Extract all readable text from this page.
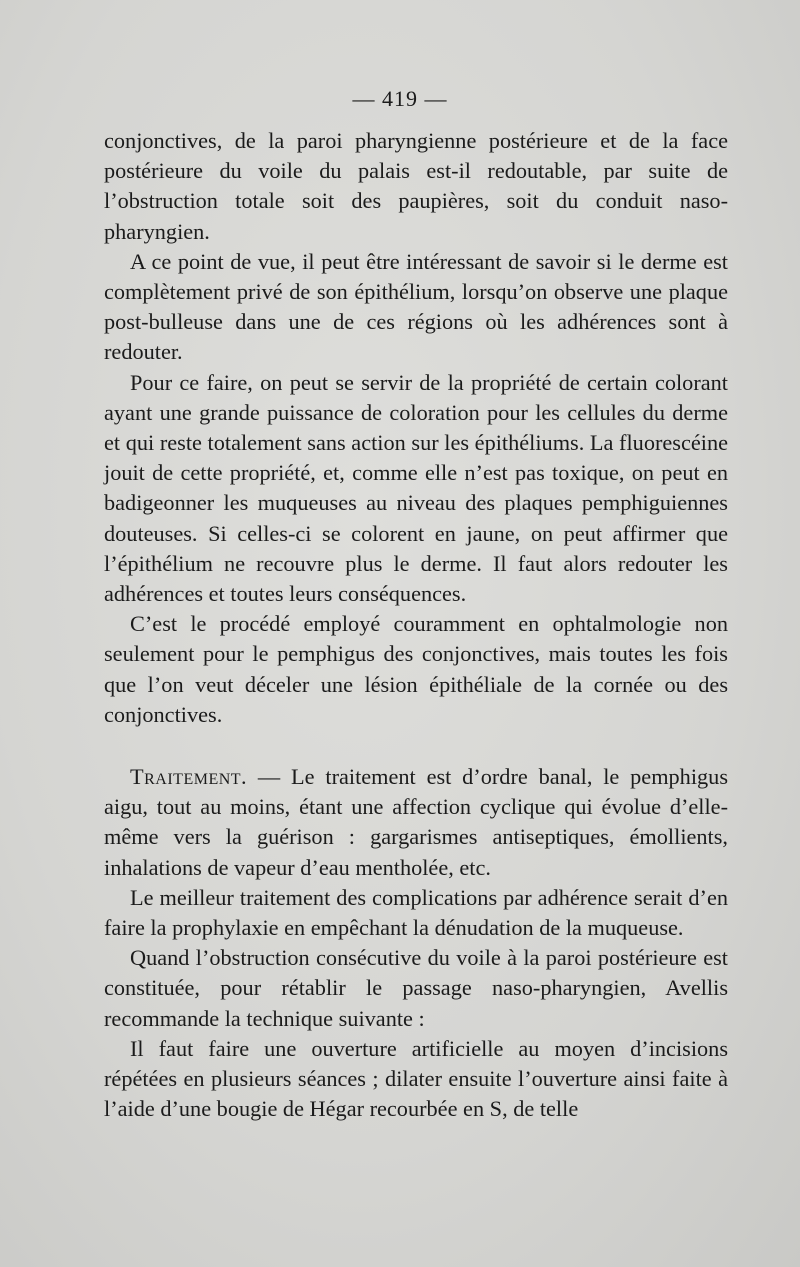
— 419 —

conjonctives, de la paroi pharyngienne postérieure et de la face postérieure du voile du palais est-il redoutable, par suite de l’obstruction totale soit des paupières, soit du conduit naso-pharyngien.

A ce point de vue, il peut être intéressant de savoir si le derme est complètement privé de son épithélium, lorsqu’on observe une plaque post-bulleuse dans une de ces régions où les adhérences sont à redouter.

Pour ce faire, on peut se servir de la propriété de certain colorant ayant une grande puissance de coloration pour les cellules du derme et qui reste totalement sans action sur les épithéliums. La fluorescéine jouit de cette propriété, et, comme elle n’est pas toxique, on peut en badigeonner les muqueuses au niveau des plaques pemphiguiennes douteuses. Si celles-ci se colorent en jaune, on peut affirmer que l’épithélium ne recouvre plus le derme. Il faut alors redouter les adhérences et toutes leurs conséquences.

C’est le procédé employé couramment en ophtalmologie non seulement pour le pemphigus des conjonctives, mais toutes les fois que l’on veut déceler une lésion épithéliale de la cornée ou des conjonctives.

Traitement. — Le traitement est d’ordre banal, le pemphigus aigu, tout au moins, étant une affection cyclique qui évolue d’elle-même vers la guérison : gargarismes antiseptiques, émollients, inhalations de vapeur d’eau mentholée, etc.

Le meilleur traitement des complications par adhérence serait d’en faire la prophylaxie en empêchant la dénudation de la muqueuse.

Quand l’obstruction consécutive du voile à la paroi postérieure est constituée, pour rétablir le passage naso-pharyngien, Avellis recommande la technique suivante :

Il faut faire une ouverture artificielle au moyen d’incisions répétées en plusieurs séances ; dilater ensuite l’ouverture ainsi faite à l’aide d’une bougie de Hégar recourbée en S, de telle
